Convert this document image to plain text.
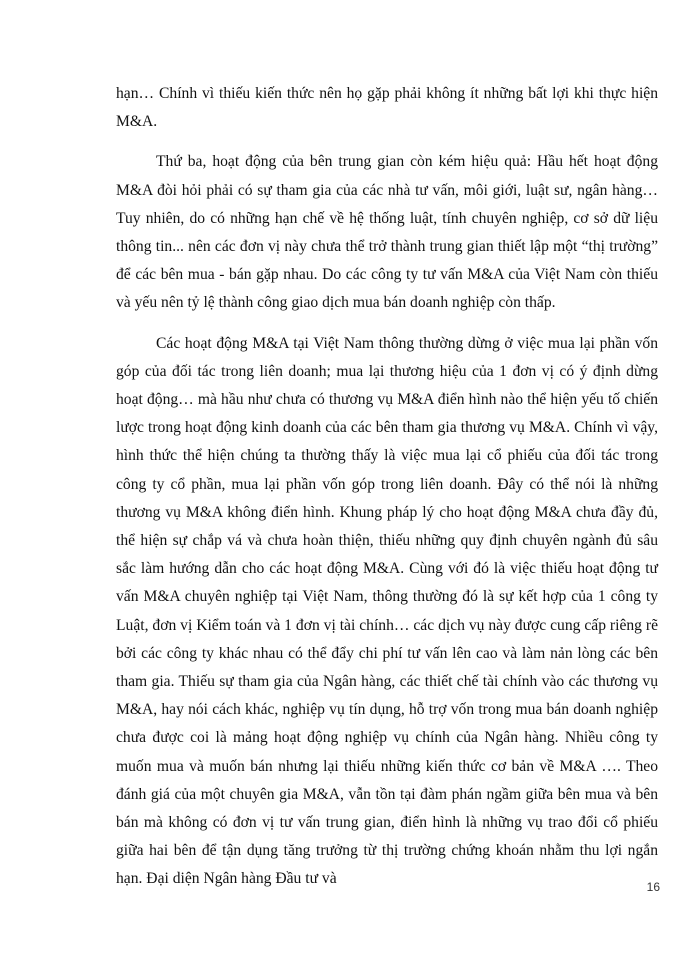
hạn… Chính vì thiếu kiến thức nên họ gặp phải không ít những bất lợi khi thực hiện M&A.

Thứ ba, hoạt động của bên trung gian còn kém hiệu quả: Hầu hết hoạt động M&A đòi hỏi phải có sự tham gia của các nhà tư vấn, môi giới, luật sư, ngân hàng…Tuy nhiên, do có những hạn chế về hệ thống luật, tính chuyên nghiệp, cơ sở dữ liệu thông tin... nên các đơn vị này chưa thể trở thành trung gian thiết lập một “thị trường” để các bên mua - bán gặp nhau. Do các công ty tư vấn M&A của Việt Nam còn thiếu và yếu nên tỷ lệ thành công giao dịch mua bán doanh nghiệp còn thấp.

Các hoạt động M&A tại Việt Nam thông thường dừng ở việc mua lại phần vốn góp của đối tác trong liên doanh; mua lại thương hiệu của 1 đơn vị có ý định dừng hoạt động… mà hầu như chưa có thương vụ M&A điển hình nào thể hiện yếu tố chiến lược trong hoạt động kinh doanh của các bên tham gia thương vụ M&A. Chính vì vậy, hình thức thể hiện chúng ta thường thấy là việc mua lại cổ phiếu của đối tác trong công ty cổ phần, mua lại phần vốn góp trong liên doanh. Đây có thể nói là những thương vụ M&A không điển hình. Khung pháp lý cho hoạt động M&A chưa đầy đủ, thể hiện sự chắp vá và chưa hoàn thiện, thiếu những quy định chuyên ngành đủ sâu sắc làm hướng dẫn cho các hoạt động M&A. Cùng với đó là việc thiếu hoạt động tư vấn M&A chuyên nghiệp tại Việt Nam, thông thường đó là sự kết hợp của 1 công ty Luật, đơn vị Kiểm toán và 1 đơn vị tài chính… các dịch vụ này được cung cấp riêng rẽ bởi các công ty khác nhau có thể đẩy chi phí tư vấn lên cao và làm nản lòng các bên tham gia. Thiếu sự tham gia của Ngân hàng, các thiết chế tài chính vào các thương vụ M&A, hay nói cách khác, nghiệp vụ tín dụng, hỗ trợ vốn trong mua bán doanh nghiệp chưa được coi là mảng hoạt động nghiệp vụ chính của Ngân hàng. Nhiều công ty muốn mua và muốn bán nhưng lại thiếu những kiến thức cơ bản về M&A …. Theo đánh giá của một chuyên gia M&A, vẫn tồn tại đàm phán ngầm giữa bên mua và bên bán mà không có đơn vị tư vấn trung gian, điển hình là những vụ trao đổi cổ phiếu giữa hai bên để tận dụng tăng trưởng từ thị trường chứng khoán nhằm thu lợi ngắn hạn. Đại diện Ngân hàng Đầu tư và	16
